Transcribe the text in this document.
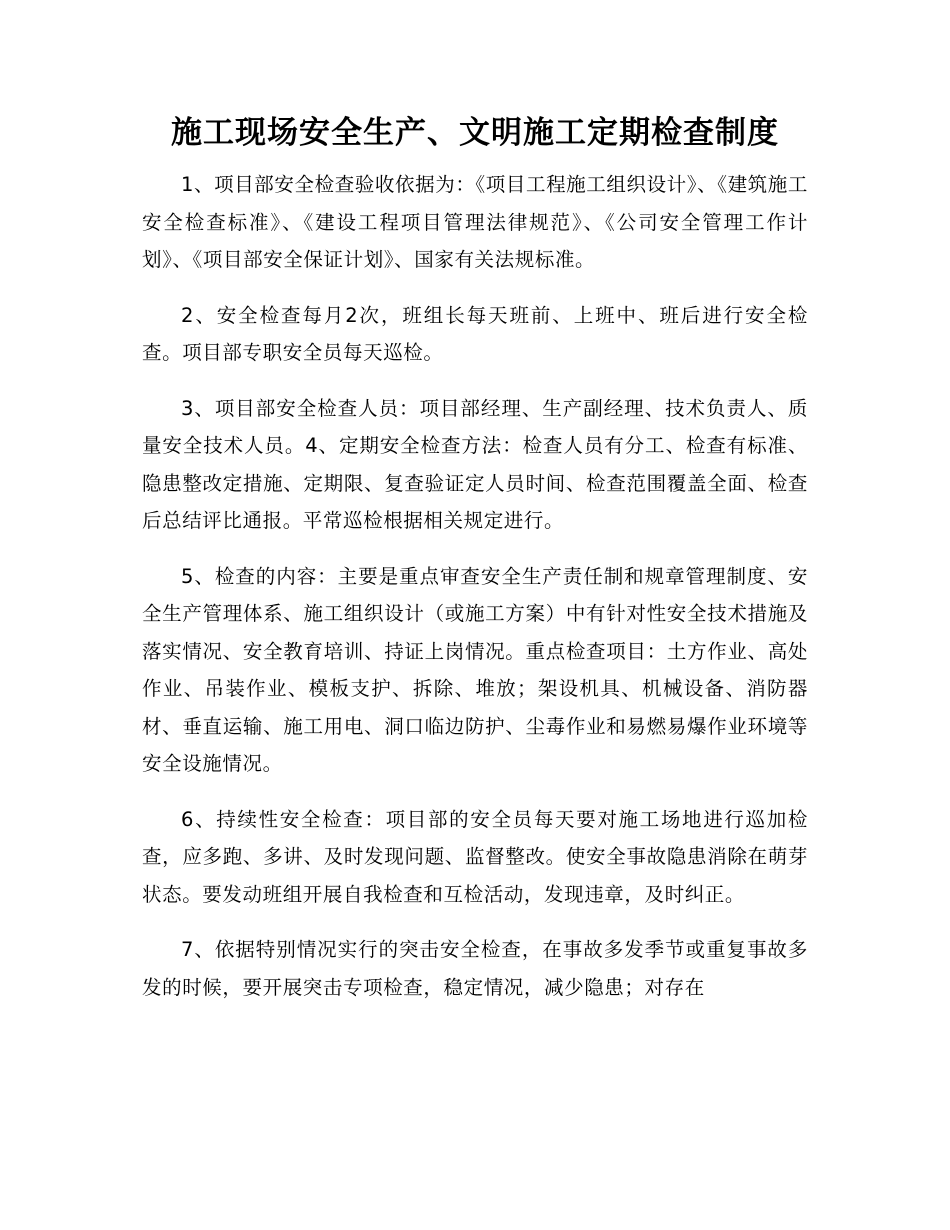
施工现场安全生产、文明施工定期检查制度

1、项目部安全检查验收依据为：《项目工程施工组织设计》、《建筑施工安全检查标准》、《建设工程项目管理法律规范》、《公司安全管理工作计划》、《项目部安全保证计划》、国家有关法规标准。

2、安全检查每月2次，班组长每天班前、上班中、班后进行安全检查。项目部专职安全员每天巡检。

3、项目部安全检查人员：项目部经理、生产副经理、技术负责人、质量安全技术人员。4、定期安全检查方法：检查人员有分工、检查有标准、隐患整改定措施、定期限、复查验证定人员时间、检查范围覆盖全面、检查后总结评比通报。平常巡检根据相关规定进行。

5、检查的内容：主要是重点审查安全生产责任制和规章管理制度、安全生产管理体系、施工组织设计（或施工方案）中有针对性安全技术措施及落实情况、安全教育培训、持证上岗情况。重点检查项目：土方作业、高处作业、吊装作业、模板支护、拆除、堆放；架设机具、机械设备、消防器材、垂直运输、施工用电、洞口临边防护、尘毒作业和易燃易爆作业环境等安全设施情况。

6、持续性安全检查：项目部的安全员每天要对施工场地进行巡加检查，应多跑、多讲、及时发现问题、监督整改。使安全事故隐患消除在萌芽状态。要发动班组开展自我检查和互检活动，发现违章，及时纠正。

7、依据特别情况实行的突击安全检查，在事故多发季节或重复事故多发的时候，要开展突击专项检查，稳定情况，减少隐患；对存在
